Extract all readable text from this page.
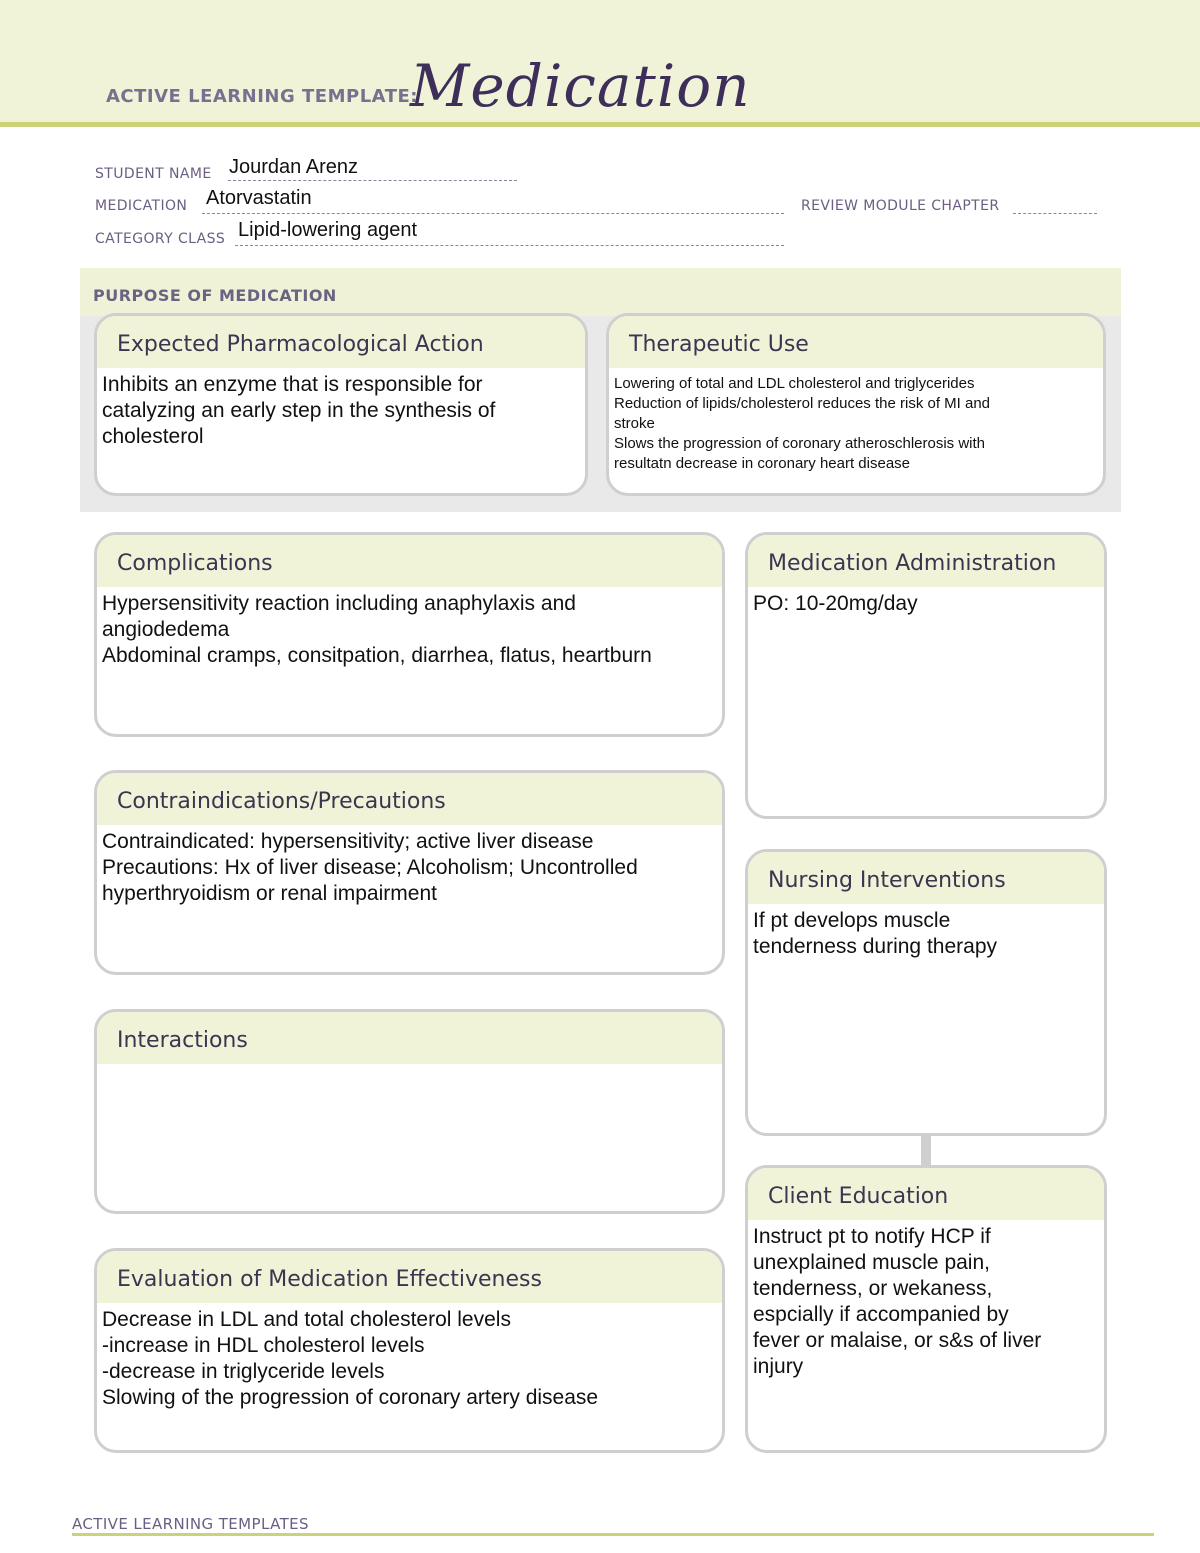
ACTIVE LEARNING TEMPLATE:
Medication
STUDENT NAME Jourdan Arenz
MEDICATION Atorvastatin	REVIEW MODULE CHAPTER
CATEGORY CLASS Lipid-lowering agent
PURPOSE OF MEDICATION
Expected Pharmacological Action
Inhibits an enzyme that is responsible for
catalyzing an early step in the synthesis of
cholesterol
Therapeutic Use
Lowering of total and LDL cholesterol and triglycerides
Reduction of lipids/cholesterol reduces the risk of MI and
stroke
Slows the progression of coronary atheroschlerosis with
resultatn decrease in coronary heart disease
Complications
Hypersensitivity reaction including anaphylaxis and
angiodedema
Abdominal cramps, consitpation, diarrhea, flatus, heartburn
Contraindications/Precautions
Contraindicated: hypersensitivity; active liver disease
Precautions: Hx of liver disease; Alcoholism; Uncontrolled
hyperthryoidism or renal impairment
Interactions
Evaluation of Medication Effectiveness
Decrease in LDL and total cholesterol levels
-increase in HDL cholesterol levels
-decrease in triglyceride levels
Slowing of the progression of coronary artery disease
Medication Administration
PO: 10-20mg/day
Nursing Interventions
If pt develops muscle
tenderness during therapy
Client Education
Instruct pt to notify HCP if
unexplained muscle pain,
tenderness, or wekaness,
espcially if accompanied by
fever or malaise, or s&s of liver
injury
ACTIVE LEARNING TEMPLATES
